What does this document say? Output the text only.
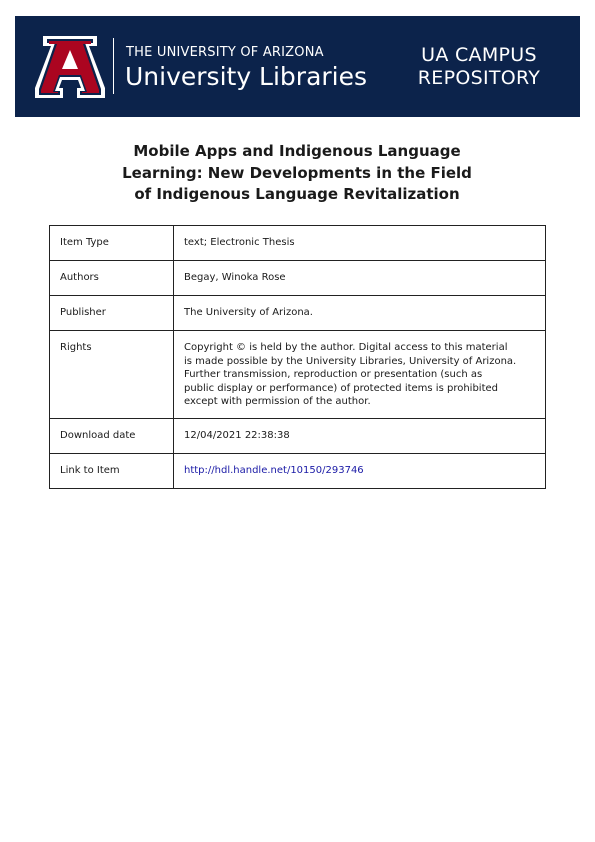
THE UNIVERSITY OF ARIZONA
University Libraries
UA CAMPUS
REPOSITORY
Mobile Apps and Indigenous Language
Learning: New Developments in the Field
of Indigenous Language Revitalization
Item Type	text; Electronic Thesis
Authors	Begay, Winoka Rose
Publisher	The University of Arizona.
Rights	Copyright © is held by the author. Digital access to this material
is made possible by the University Libraries, University of Arizona.
Further transmission, reproduction or presentation (such as
public display or performance) of protected items is prohibited
except with permission of the author.

Download date	12/04/2021 22:38:38
Link to Item	http://hdl.handle.net/10150/293746
